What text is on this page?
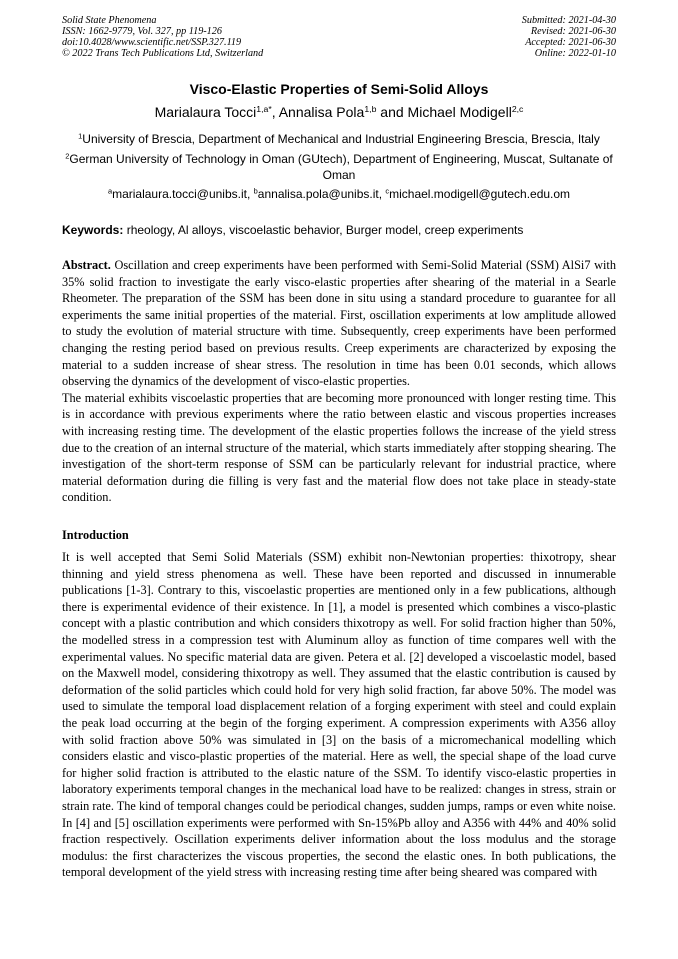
Solid State Phenomena
ISSN: 1662-9779, Vol. 327, pp 119-126
doi:10.4028/www.scientific.net/SSP.327.119
© 2022 Trans Tech Publications Ltd, Switzerland
Submitted: 2021-04-30
Revised: 2021-06-30
Accepted: 2021-06-30
Online: 2022-01-10
Visco-Elastic Properties of Semi-Solid Alloys
Marialaura Tocci$^{1,a*}$, Annalisa Pola$^{1,b}$ and Michael Modigell$^{2,c}$
$^1$University of Brescia, Department of Mechanical and Industrial Engineering Brescia, Brescia, Italy
$^2$German University of Technology in Oman (GUtech), Department of Engineering, Muscat, Sultanate of Oman
$^a$marialaura.tocci@unibs.it, $^b$annalisa.pola@unibs.it, $^c$michael.modigell@gutech.edu.om
Keywords: rheology, Al alloys, viscoelastic behavior, Burger model, creep experiments

Abstract. Oscillation and creep experiments have been performed with Semi-Solid Material (SSM) AlSi7 with 35% solid fraction to investigate the early visco-elastic properties after shearing of the material in a Searle Rheometer. The preparation of the SSM has been done in situ using a standard procedure to guarantee for all experiments the same initial properties of the material. First, oscillation experiments at low amplitude allowed to study the evolution of material structure with time. Subsequently, creep experiments have been performed changing the resting period based on previous results. Creep experiments are characterized by exposing the material to a sudden increase of shear stress. The resolution in time has been 0.01 seconds, which allows observing the dynamics of the development of visco-elastic properties.

The material exhibits viscoelastic properties that are becoming more pronounced with longer resting time. This is in accordance with previous experiments where the ratio between elastic and viscous properties increases with increasing resting time. The development of the elastic properties follows the increase of the yield stress due to the creation of an internal structure of the material, which starts immediately after stopping shearing. The investigation of the short-term response of SSM can be particularly relevant for industrial practice, where material deformation during die filling is very fast and the material flow does not take place in steady-state condition.

Introduction

It is well accepted that Semi Solid Materials (SSM) exhibit non-Newtonian properties: thixotropy, shear thinning and yield stress phenomena as well. These have been reported and discussed in innumerable publications [1-3]. Contrary to this, viscoelastic properties are mentioned only in a few publications, although there is experimental evidence of their existence. In [1], a model is presented which combines a visco-plastic concept with a plastic contribution and which considers thixotropy as well. For solid fraction higher than 50%, the modelled stress in a compression test with Aluminum alloy as function of time compares well with the experimental values. No specific material data are given. Petera et al. [2] developed a viscoelastic model, based on the Maxwell model, considering thixotropy as well. They assumed that the elastic contribution is caused by deformation of the solid particles which could hold for very high solid fraction, far above 50%. The model was used to simulate the temporal load displacement relation of a forging experiment with steel and could explain the peak load occurring at the begin of the forging experiment. A compression experiments with A356 alloy with solid fraction above 50% was simulated in [3] on the basis of a micromechanical modelling which considers elastic and visco-plastic properties of the material. Here as well, the special shape of the load curve for higher solid fraction is attributed to the elastic nature of the SSM. To identify visco-elastic properties in laboratory experiments temporal changes in the mechanical load have to be realized: changes in stress, strain or strain rate. The kind of temporal changes could be periodical changes, sudden jumps, ramps or even white noise. In [4] and [5] oscillation experiments were performed with Sn-15%Pb alloy and A356 with 44% and 40% solid fraction respectively. Oscillation experiments deliver information about the loss modulus and the storage modulus: the first characterizes the viscous properties, the second the elastic ones. In both publications, the temporal development of the yield stress with increasing resting time after being sheared was compared with
